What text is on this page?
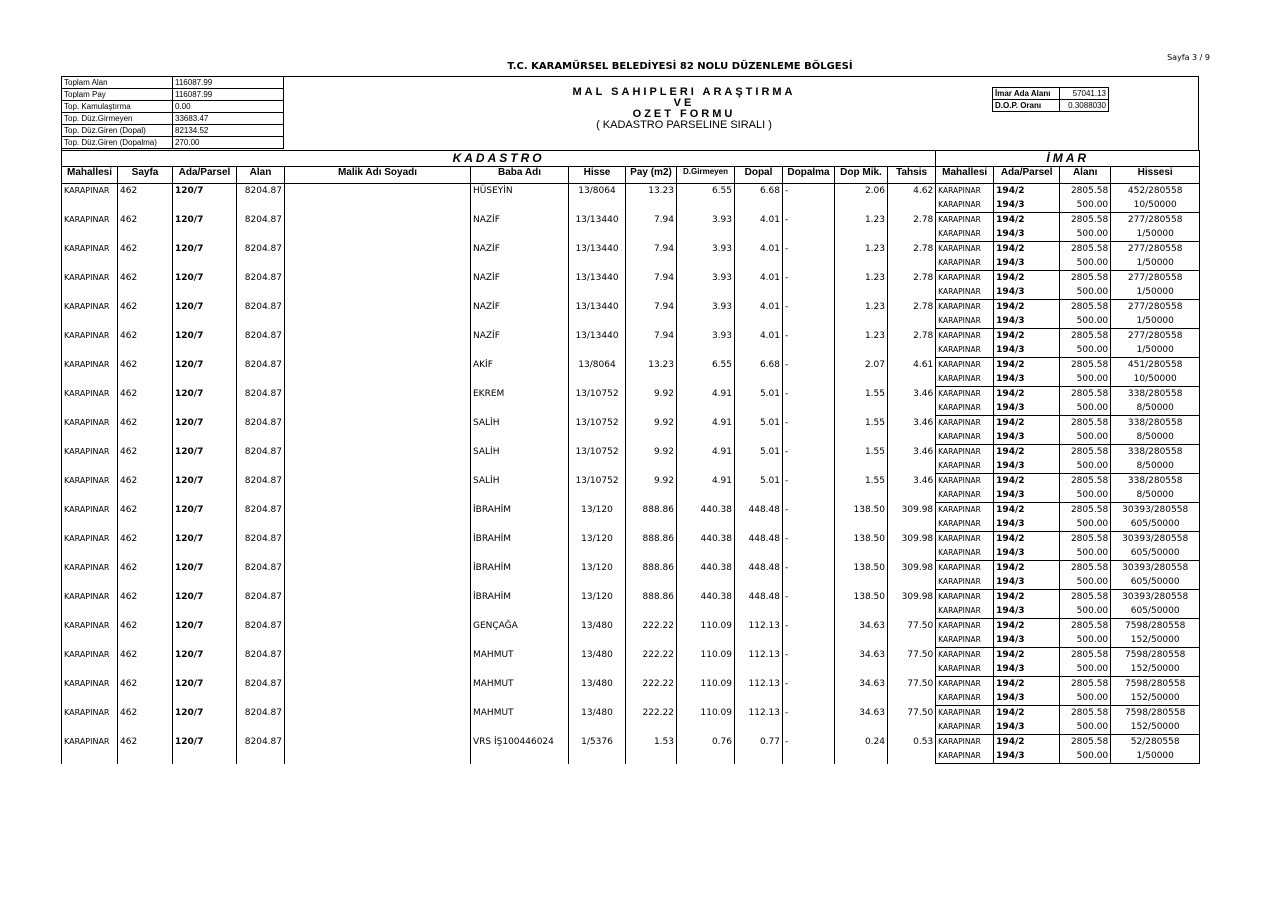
Sayfa 3 / 9
T.C. KARAMÜRSEL BELEDİYESİ 82 NOLU DÜZENLEME BÖLGESİ
Toplam Alan	116087.99
Toplam Pay	116087.99
Top. Kamulaştırma	0.00
Top. Düz.Girmeyen	33683.47
Top. Düz.Giren (Dopal)	82134.52
Top. Düz.Giren (Dopalma)	270.00
MAL SAHIPLERI ARAŞTIRMA
VE
OZET FORMU
( KADASTRO PARSELINE SIRALI )
İmar Ada Alanı	57041.13
D.O.P. Oranı	0.3088030
KADASTRO													İMAR			
Mahallesi	Sayfa	Ada/Parsel	Alan	Malik Adı Soyadı	Baba Adı	Hisse	Pay (m2)	D.Girmeyen	Dopal	Dopalma	Dop Mik.	Tahsis	Mahallesi	Ada/Parsel	Alanı	Hissesi
KARAPINAR	462	120/7	8204.87		HÜSEYİN	13/8064	13.23	6.55	6.68	-	2.06	4.62	KARAPINAR	194/2	2805.58	452/280558
													KARAPINAR	194/3	500.00	10/50000
KARAPINAR	462	120/7	8204.87		NAZİF	13/13440	7.94	3.93	4.01	-	1.23	2.78	KARAPINAR	194/2	2805.58	277/280558
													KARAPINAR	194/3	500.00	1/50000
KARAPINAR	462	120/7	8204.87		NAZİF	13/13440	7.94	3.93	4.01	-	1.23	2.78	KARAPINAR	194/2	2805.58	277/280558
													KARAPINAR	194/3	500.00	1/50000
KARAPINAR	462	120/7	8204.87		NAZİF	13/13440	7.94	3.93	4.01	-	1.23	2.78	KARAPINAR	194/2	2805.58	277/280558
													KARAPINAR	194/3	500.00	1/50000
KARAPINAR	462	120/7	8204.87		NAZİF	13/13440	7.94	3.93	4.01	-	1.23	2.78	KARAPINAR	194/2	2805.58	277/280558
													KARAPINAR	194/3	500.00	1/50000
KARAPINAR	462	120/7	8204.87		NAZİF	13/13440	7.94	3.93	4.01	-	1.23	2.78	KARAPINAR	194/2	2805.58	277/280558
													KARAPINAR	194/3	500.00	1/50000
KARAPINAR	462	120/7	8204.87		AKİF	13/8064	13.23	6.55	6.68	-	2.07	4.61	KARAPINAR	194/2	2805.58	451/280558
													KARAPINAR	194/3	500.00	10/50000
KARAPINAR	462	120/7	8204.87		EKREM	13/10752	9.92	4.91	5.01	-	1.55	3.46	KARAPINAR	194/2	2805.58	338/280558
													KARAPINAR	194/3	500.00	8/50000
KARAPINAR	462	120/7	8204.87		SALİH	13/10752	9.92	4.91	5.01	-	1.55	3.46	KARAPINAR	194/2	2805.58	338/280558
													KARAPINAR	194/3	500.00	8/50000
KARAPINAR	462	120/7	8204.87		SALİH	13/10752	9.92	4.91	5.01	-	1.55	3.46	KARAPINAR	194/2	2805.58	338/280558
													KARAPINAR	194/3	500.00	8/50000
KARAPINAR	462	120/7	8204.87		SALİH	13/10752	9.92	4.91	5.01	-	1.55	3.46	KARAPINAR	194/2	2805.58	338/280558
													KARAPINAR	194/3	500.00	8/50000
KARAPINAR	462	120/7	8204.87		İBRAHİM	13/120	888.86	440.38	448.48	-	138.50	309.98	KARAPINAR	194/2	2805.58	30393/280558
													KARAPINAR	194/3	500.00	605/50000
KARAPINAR	462	120/7	8204.87		İBRAHİM	13/120	888.86	440.38	448.48	-	138.50	309.98	KARAPINAR	194/2	2805.58	30393/280558
													KARAPINAR	194/3	500.00	605/50000
KARAPINAR	462	120/7	8204.87		İBRAHİM	13/120	888.86	440.38	448.48	-	138.50	309.98	KARAPINAR	194/2	2805.58	30393/280558
													KARAPINAR	194/3	500.00	605/50000
KARAPINAR	462	120/7	8204.87		İBRAHİM	13/120	888.86	440.38	448.48	-	138.50	309.98	KARAPINAR	194/2	2805.58	30393/280558
													KARAPINAR	194/3	500.00	605/50000
KARAPINAR	462	120/7	8204.87		GENÇAĞA	13/480	222.22	110.09	112.13	-	34.63	77.50	KARAPINAR	194/2	2805.58	7598/280558
													KARAPINAR	194/3	500.00	152/50000
KARAPINAR	462	120/7	8204.87		MAHMUT	13/480	222.22	110.09	112.13	-	34.63	77.50	KARAPINAR	194/2	2805.58	7598/280558
													KARAPINAR	194/3	500.00	152/50000
KARAPINAR	462	120/7	8204.87		MAHMUT	13/480	222.22	110.09	112.13	-	34.63	77.50	KARAPINAR	194/2	2805.58	7598/280558
													KARAPINAR	194/3	500.00	152/50000
KARAPINAR	462	120/7	8204.87		MAHMUT	13/480	222.22	110.09	112.13	-	34.63	77.50	KARAPINAR	194/2	2805.58	7598/280558
													KARAPINAR	194/3	500.00	152/50000
KARAPINAR	462	120/7	8204.87		VRS İŞ100446024	1/5376	1.53	0.76	0.77	-	0.24	0.53	KARAPINAR	194/2	2805.58	52/280558
													KARAPINAR	194/3	500.00	1/50000
